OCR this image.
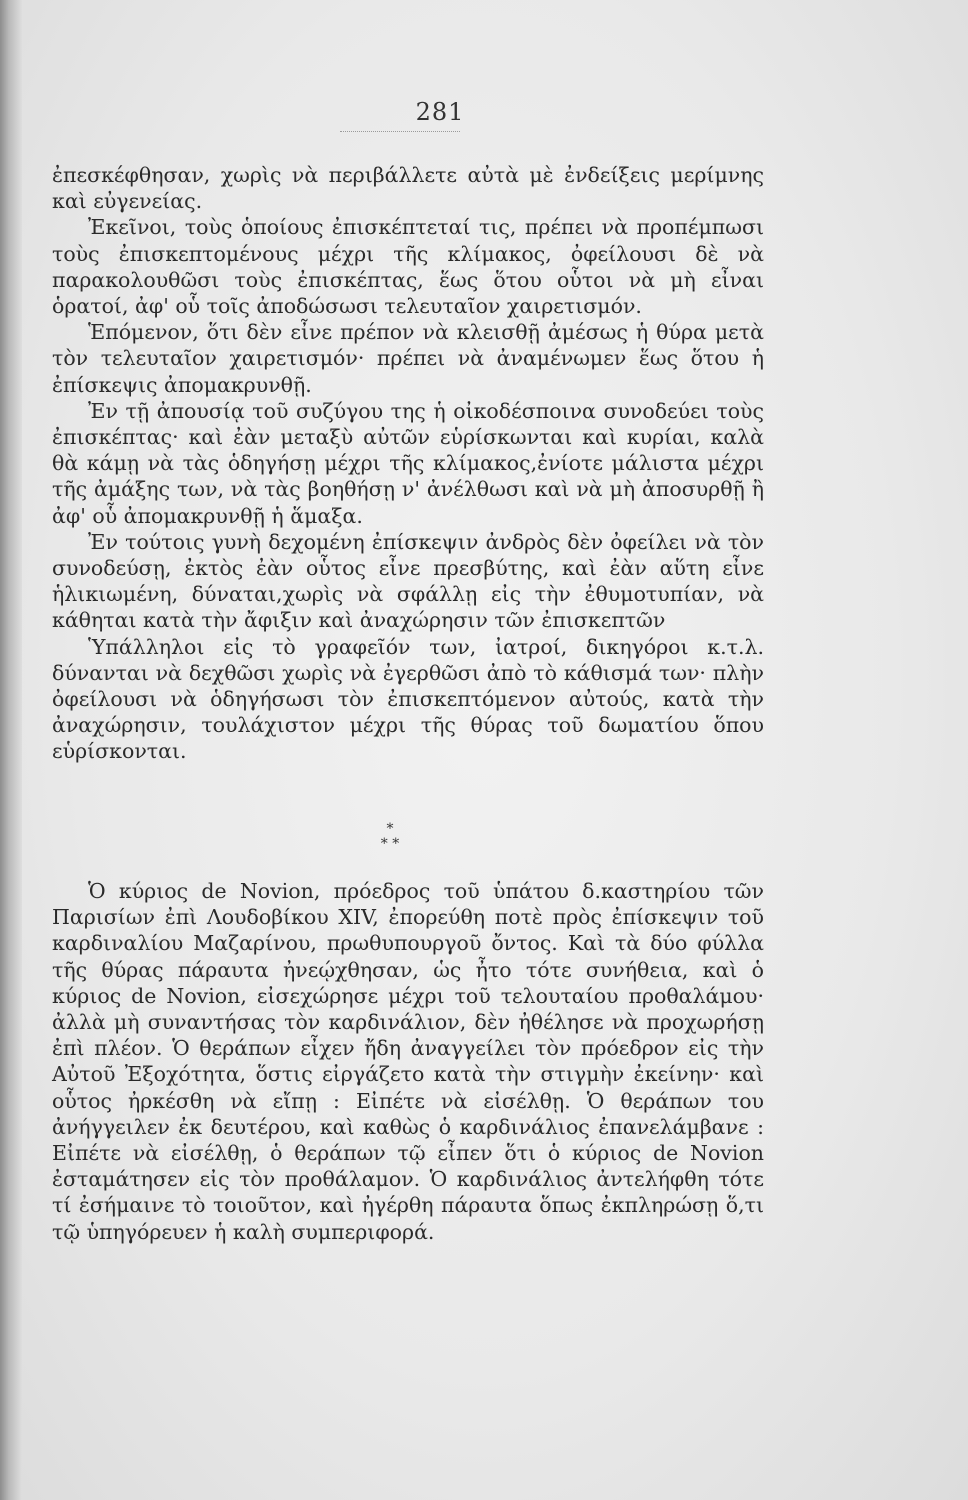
281

ἐπεσκέφθησαν, χωρὶς νὰ περιβάλλετε αὐτὰ μὲ ἐνδείξεις μερίμνης καὶ εὐγενείας.

Ἐκεῖνοι, τοὺς ὁποίους ἐπισκέπτεταί τις, πρέπει νὰ προπέμπωσι τοὺς ἐπισκεπτομένους μέχρι τῆς κλίμακος, ὀφείλουσι δὲ νὰ παρακολουθῶσι τοὺς ἐπισκέπτας, ἕως ὅτου οὗτοι νὰ μὴ εἶναι ὁρατοί, ἀφ' οὗ τοῖς ἀποδώσωσι τελευταῖον χαιρετισμόν.

Ἑπόμενον, ὅτι δὲν εἶνε πρέπον νὰ κλεισθῇ ἀμέσως ἡ θύρα μετὰ τὸν τελευταῖον χαιρετισμόν· πρέπει νὰ ἀναμένωμεν ἕως ὅτου ἡ ἐπίσκεψις ἀπομακρυνθῇ.

Ἐν τῇ ἀπουσίᾳ τοῦ συζύγου της ἡ οἰκοδέσποινα συνοδεύει τοὺς ἐπισκέπτας· καὶ ἐὰν μεταξὺ αὐτῶν εὑρίσκωνται καὶ κυρίαι, καλὰ θὰ κάμῃ νὰ τὰς ὁδηγήσῃ μέχρι τῆς κλίμακος,ἐνίοτε μάλιστα μέχρι τῆς ἀμάξης των, νὰ τὰς βοηθήσῃ ν' ἀνέλθωσι καὶ νὰ μὴ ἀποσυρθῇ ἢ ἀφ' οὗ ἀπομακρυνθῇ ἡ ἅμαξα.

Ἐν τούτοις γυνὴ δεχομένη ἐπίσκεψιν ἀνδρὸς δὲν ὀφείλει νὰ τὸν συνοδεύσῃ, ἐκτὸς ἐὰν οὗτος εἶνε πρεσβύτης, καὶ ἐὰν αὕτη εἶνε ἡλικιωμένη, δύναται,χωρὶς νὰ σφάλλῃ εἰς τὴν ἐθυμοτυπίαν, νὰ κάθηται κατὰ τὴν ἄφιξιν καὶ ἀναχώρησιν τῶν ἐπισκεπτῶν

Ὑπάλληλοι εἰς τὸ γραφεῖόν των, ἰατροί, δικηγόροι κ.τ.λ. δύνανται νὰ δεχθῶσι χωρὶς νὰ ἐγερθῶσι ἀπὸ τὸ κάθισμά των· πλὴν ὀφείλουσι νὰ ὁδηγήσωσι τὸν ἐπισκεπτόμενον αὐτούς, κατὰ τὴν ἀναχώρησιν, τουλάχιστον μέχρι τῆς θύρας τοῦ δωματίου ὅπου εὑρίσκονται.

*
* *

Ὁ κύριος de Novion, πρόεδρος τοῦ ὑπάτου δ.καστηρίου τῶν Παρισίων ἐπὶ Λουδοβίκου XIV, ἐπορεύθη ποτὲ πρὸς ἐπίσκεψιν τοῦ καρδιναλίου Μαζαρίνου, πρωθυπουργοῦ ὄντος. Καὶ τὰ δύο φύλλα τῆς θύρας πάραυτα ἠνεῴχθησαν, ὡς ἦτο τότε συνήθεια, καὶ ὁ κύριος de Novion, εἰσεχώρησε μέχρι τοῦ τελουταίου προθαλάμου· ἀλλὰ μὴ συναντήσας τὸν καρδινάλιον, δὲν ἠθέλησε νὰ προχωρήσῃ ἐπὶ πλέον. Ὁ θεράπων εἶχεν ἤδη ἀναγγείλει τὸν πρόεδρον εἰς τὴν Αὐτοῦ Ἐξοχότητα, ὅστις εἰργάζετο κατὰ τὴν στιγμὴν ἐκείνην· καὶ οὗτος ἠρκέσθη νὰ εἴπῃ : Εἰπέτε νὰ εἰσέλθῃ. Ὁ θεράπων του ἀνήγγειλεν ἐκ δευτέρου, καὶ καθὼς ὁ καρδινάλιος ἐπανελάμβανε : Εἰπέτε νὰ εἰσέλθῃ, ὁ θεράπων τῷ εἶπεν ὅτι ὁ κύριος de Novion ἐσταμάτησεν εἰς τὸν προθάλαμον. Ὁ καρδινάλιος ἀντελήφθη τότε τί ἐσήμαινε τὸ τοιοῦτον, καὶ ἠγέρθη πάραυτα ὅπως ἐκπληρώσῃ ὅ,τι τῷ ὑπηγόρευεν ἡ καλὴ συμπεριφορά.
